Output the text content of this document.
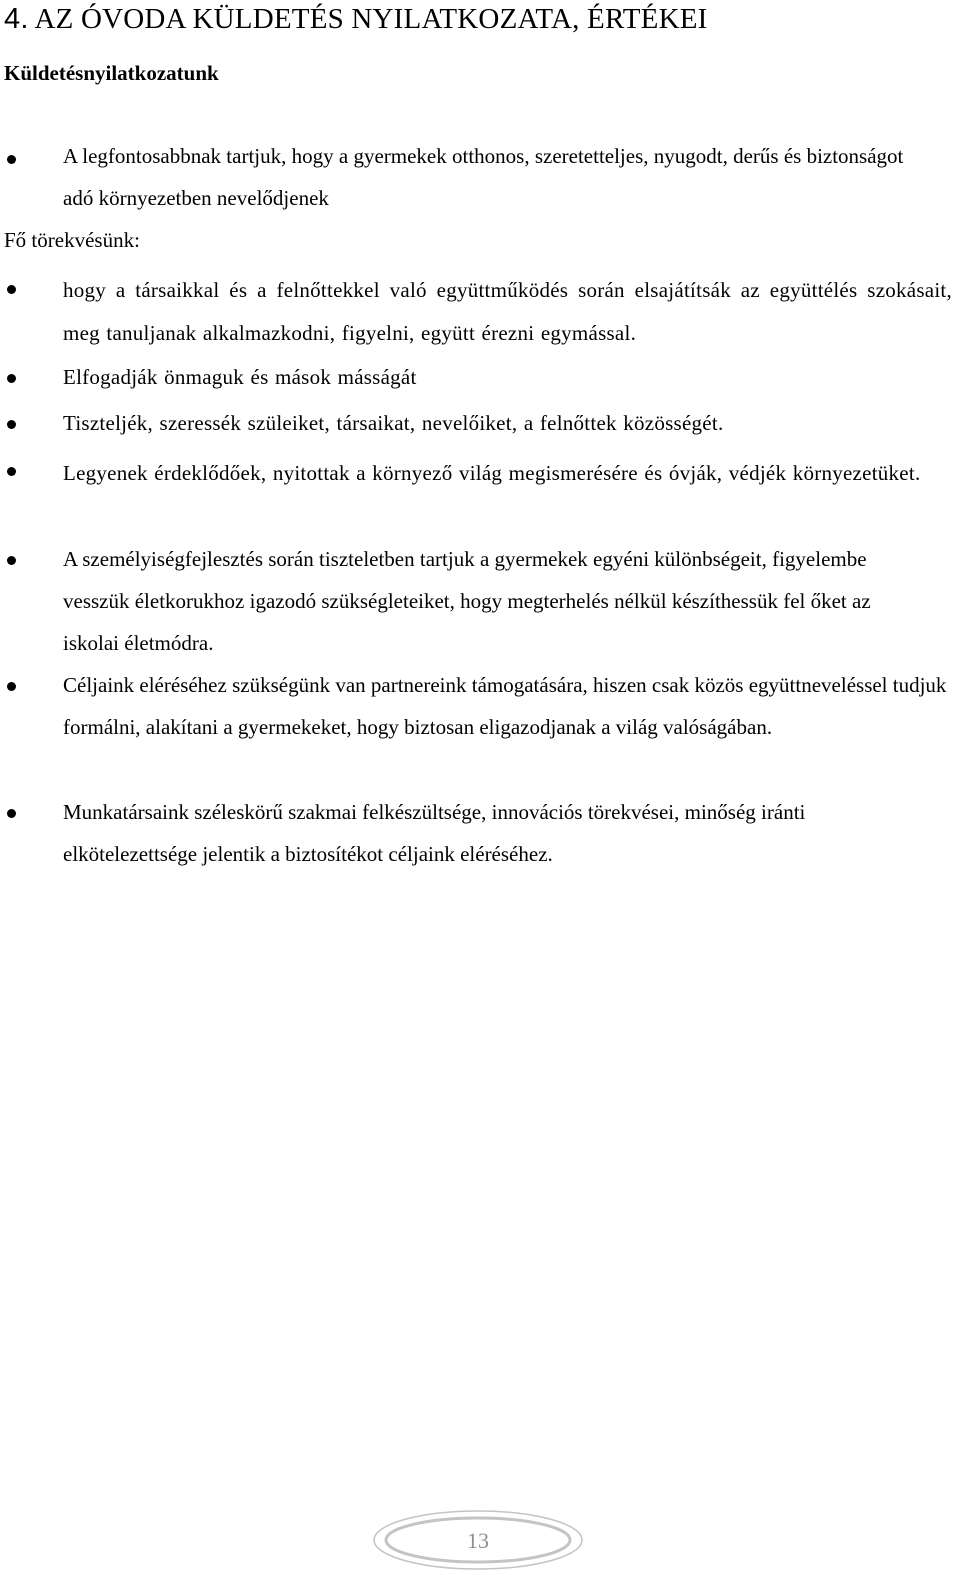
4. AZ ÓVODA KÜLDETÉS NYILATKOZATA, ÉRTÉKEI
Küldetésnyilatkozatunk

A legfontosabbnak tartjuk, hogy a gyermekek otthonos, szeretetteljes, nyugodt, derűs és biztonságot adó környezetben nevelődjenek

Fő törekvésünk:

hogy a társaikkal és a felnőttekkel való együttműködés során elsajátítsák az együttélés szokásait, meg tanuljanak alkalmazkodni, figyelni, együtt érezni egymással.

Elfogadják önmaguk és mások másságát

Tiszteljék, szeressék szüleiket, társaikat, nevelőiket, a felnőttek közösségét.

Legyenek érdeklődőek, nyitottak a környező világ megismerésére és óvják, védjék környezetüket.

A személyiségfejlesztés során tiszteletben tartjuk a gyermekek egyéni különbségeit, figyelembe vesszük életkorukhoz igazodó szükségleteiket, hogy megterhelés nélkül készíthessük fel őket az iskolai életmódra.

Céljaink eléréséhez szükségünk van partnereink támogatására, hiszen csak közös együttneveléssel tudjuk formálni, alakítani a gyermekeket, hogy biztosan eligazodjanak a világ valóságában.

Munkatársaink széleskörű szakmai felkészültsége, innovációs törekvései, minőség iránti elkötelezettsége jelentik a biztosítékot céljaink eléréséhez.

13
